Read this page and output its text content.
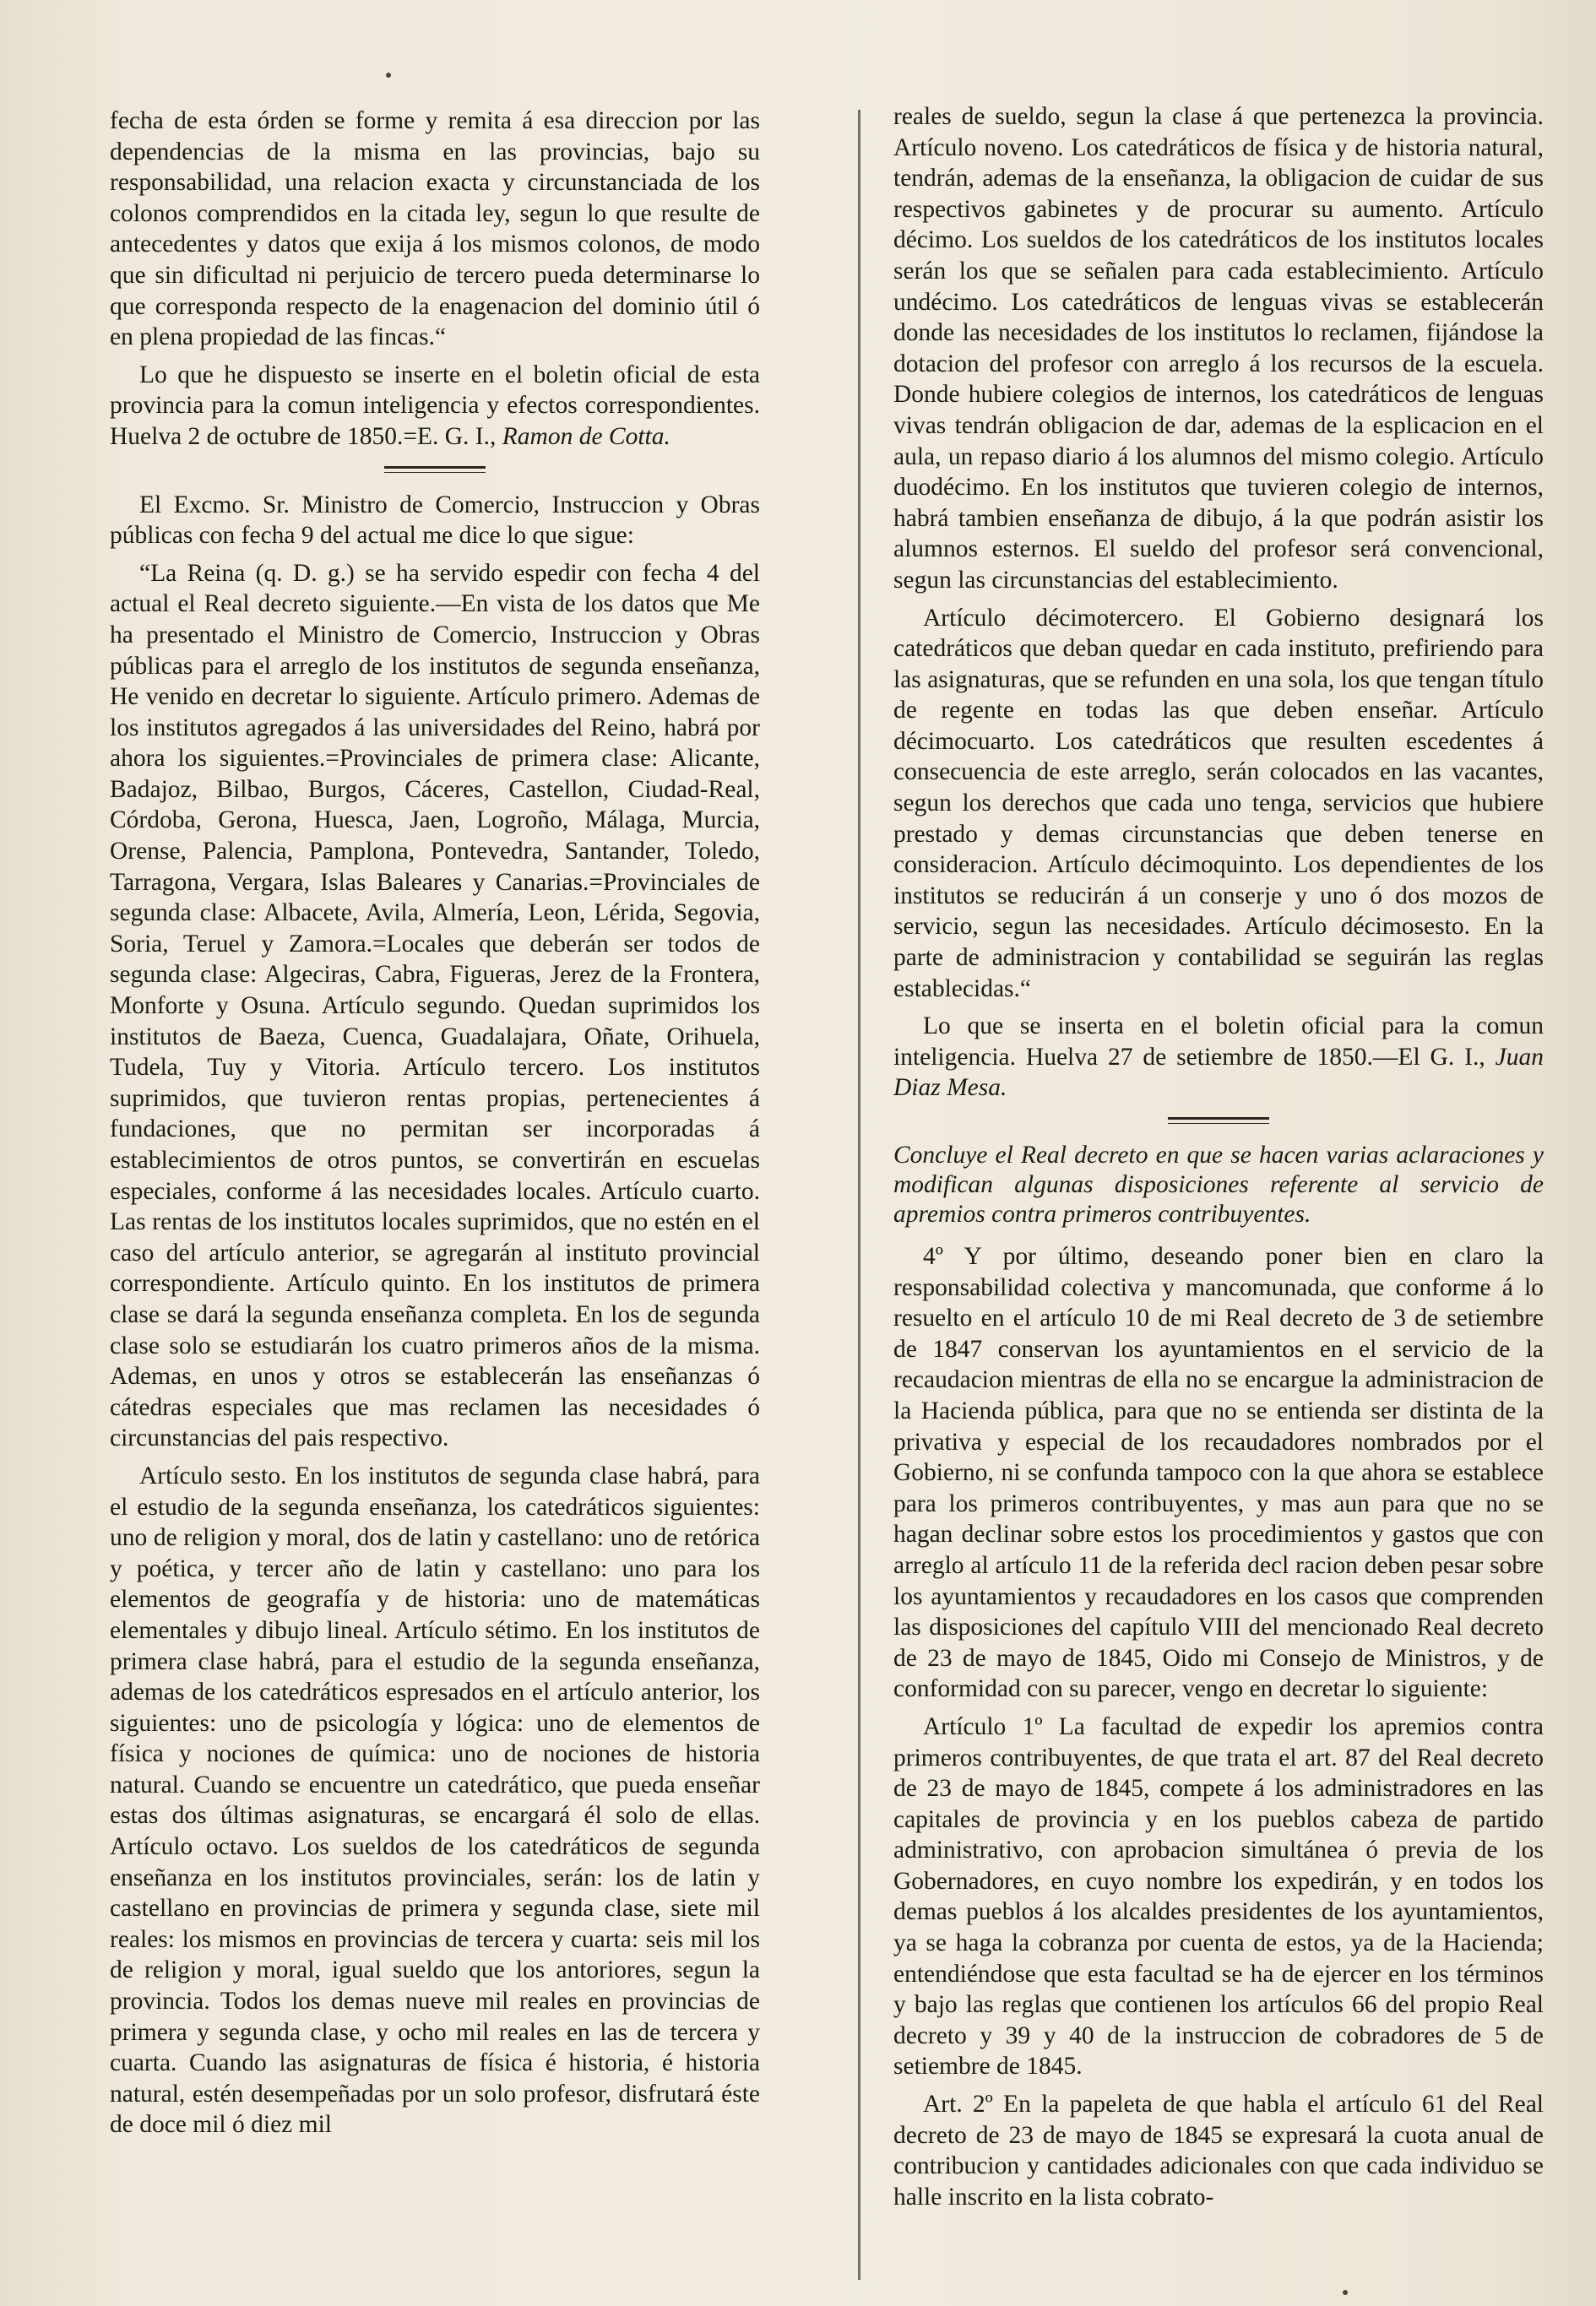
fecha de esta órden se forme y remita á esa direccion por las dependencias de la misma en las provincias, bajo su responsabilidad, una relacion exacta y circunstanciada de los colonos comprendidos en la citada ley, segun lo que resulte de antecedentes y datos que exija á los mismos colonos, de modo que sin dificultad ni perjuicio de tercero pueda determinarse lo que corresponda respecto de la enagenacion del dominio útil ó en plena propiedad de las fincas.“

Lo que he dispuesto se inserte en el boletin oficial de esta provincia para la comun inteligencia y efectos correspondientes. Huelva 2 de octubre de 1850.=E. G. I., Ramon de Cotta.

El Excmo. Sr. Ministro de Comercio, Instruccion y Obras públicas con fecha 9 del actual me dice lo que sigue:

“La Reina (q. D. g.) se ha servido espedir con fecha 4 del actual el Real decreto siguiente.—En vista de los datos que Me ha presentado el Ministro de Comercio, Instruccion y Obras públicas para el arreglo de los institutos de segunda enseñanza, He venido en decretar lo siguiente. Artículo primero. Ademas de los institutos agregados á las universidades del Reino, habrá por ahora los siguientes.=Provinciales de primera clase: Alicante, Badajoz, Bilbao, Burgos, Cáceres, Castellon, Ciudad-Real, Córdoba, Gerona, Huesca, Jaen, Logroño, Málaga, Murcia, Orense, Palencia, Pamplona, Pontevedra, Santander, Toledo, Tarragona, Vergara, Islas Baleares y Canarias.=Provinciales de segunda clase: Albacete, Avila, Almería, Leon, Lérida, Segovia, Soria, Teruel y Zamora.=Locales que deberán ser todos de segunda clase: Algeciras, Cabra, Figueras, Jerez de la Frontera, Monforte y Osuna. Artículo segundo. Quedan suprimidos los institutos de Baeza, Cuenca, Guadalajara, Oñate, Orihuela, Tudela, Tuy y Vitoria. Artículo tercero. Los institutos suprimidos, que tuvieron rentas propias, pertenecientes á fundaciones, que no permitan ser incorporadas á establecimientos de otros puntos, se convertirán en escuelas especiales, conforme á las necesidades locales. Artículo cuarto. Las rentas de los institutos locales suprimidos, que no estén en el caso del artículo anterior, se agregarán al instituto provincial correspondiente. Artículo quinto. En los institutos de primera clase se dará la segunda enseñanza completa. En los de segunda clase solo se estudiarán los cuatro primeros años de la misma. Ademas, en unos y otros se establecerán las enseñanzas ó cátedras especiales que mas reclamen las necesidades ó circunstancias del pais respectivo.

Artículo sesto. En los institutos de segunda clase habrá, para el estudio de la segunda enseñanza, los catedráticos siguientes: uno de religion y moral, dos de latin y castellano: uno de retórica y poética, y tercer año de latin y castellano: uno para los elementos de geografía y de historia: uno de matemáticas elementales y dibujo lineal. Artículo sétimo. En los institutos de primera clase habrá, para el estudio de la segunda enseñanza, ademas de los catedráticos espresados en el artículo anterior, los siguientes: uno de psicología y lógica: uno de elementos de física y nociones de química: uno de nociones de historia natural. Cuando se encuentre un catedrático, que pueda enseñar estas dos últimas asignaturas, se encargará él solo de ellas. Artículo octavo. Los sueldos de los catedráticos de segunda enseñanza en los institutos provinciales, serán: los de latin y castellano en provincias de primera y segunda clase, siete mil reales: los mismos en provincias de tercera y cuarta: seis mil los de religion y moral, igual sueldo que los antoriores, segun la provincia. Todos los demas nueve mil reales en provincias de primera y segunda clase, y ocho mil reales en las de tercera y cuarta. Cuando las asignaturas de física é historia, é historia natural, estén desempeñadas por un solo profesor, disfrutará éste de doce mil ó diez mil

reales de sueldo, segun la clase á que pertenezca la provincia. Artículo noveno. Los catedráticos de física y de historia natural, tendrán, ademas de la enseñanza, la obligacion de cuidar de sus respectivos gabinetes y de procurar su aumento. Artículo décimo. Los sueldos de los catedráticos de los institutos locales serán los que se señalen para cada establecimiento. Artículo undécimo. Los catedráticos de lenguas vivas se establecerán donde las necesidades de los institutos lo reclamen, fijándose la dotacion del profesor con arreglo á los recursos de la escuela. Donde hubiere colegios de internos, los catedráticos de lenguas vivas tendrán obligacion de dar, ademas de la esplicacion en el aula, un repaso diario á los alumnos del mismo colegio. Artículo duodécimo. En los institutos que tuvieren colegio de internos, habrá tambien enseñanza de dibujo, á la que podrán asistir los alumnos esternos. El sueldo del profesor será convencional, segun las circunstancias del establecimiento.

Artículo décimotercero. El Gobierno designará los catedráticos que deban quedar en cada instituto, prefiriendo para las asignaturas, que se refunden en una sola, los que tengan título de regente en todas las que deben enseñar. Artículo décimocuarto. Los catedráticos que resulten escedentes á consecuencia de este arreglo, serán colocados en las vacantes, segun los derechos que cada uno tenga, servicios que hubiere prestado y demas circunstancias que deben tenerse en consideracion. Artículo décimoquinto. Los dependientes de los institutos se reducirán á un conserje y uno ó dos mozos de servicio, segun las necesidades. Artículo décimosesto. En la parte de administracion y contabilidad se seguirán las reglas establecidas.“

Lo que se inserta en el boletin oficial para la comun inteligencia. Huelva 27 de setiembre de 1850.—El G. I., Juan Diaz Mesa.

Concluye el Real decreto en que se hacen varias aclaraciones y modifican algunas disposiciones referente al servicio de apremios contra primeros contribuyentes.

4º Y por último, deseando poner bien en claro la responsabilidad colectiva y mancomunada, que conforme á lo resuelto en el artículo 10 de mi Real decreto de 3 de setiembre de 1847 conservan los ayuntamientos en el servicio de la recaudacion mientras de ella no se encargue la administracion de la Hacienda pública, para que no se entienda ser distinta de la privativa y especial de los recaudadores nombrados por el Gobierno, ni se confunda tampoco con la que ahora se establece para los primeros contribuyentes, y mas aun para que no se hagan declinar sobre estos los procedimientos y gastos que con arreglo al artículo 11 de la referida decl racion deben pesar sobre los ayuntamientos y recaudadores en los casos que comprenden las disposiciones del capítulo VIII del mencionado Real decreto de 23 de mayo de 1845, Oido mi Consejo de Ministros, y de conformidad con su parecer, vengo en decretar lo siguiente:

Artículo 1º La facultad de expedir los apremios contra primeros contribuyentes, de que trata el art. 87 del Real decreto de 23 de mayo de 1845, compete á los administradores en las capitales de provincia y en los pueblos cabeza de partido administrativo, con aprobacion simultánea ó previa de los Gobernadores, en cuyo nombre los expedirán, y en todos los demas pueblos á los alcaldes presidentes de los ayuntamientos, ya se haga la cobranza por cuenta de estos, ya de la Hacienda; entendiéndose que esta facultad se ha de ejercer en los términos y bajo las reglas que contienen los artículos 66 del propio Real decreto y 39 y 40 de la instruccion de cobradores de 5 de setiembre de 1845.

Art. 2º En la papeleta de que habla el artículo 61 del Real decreto de 23 de mayo de 1845 se expresará la cuota anual de contribucion y cantidades adicionales con que cada individuo se halle inscrito en la lista cobrato-
